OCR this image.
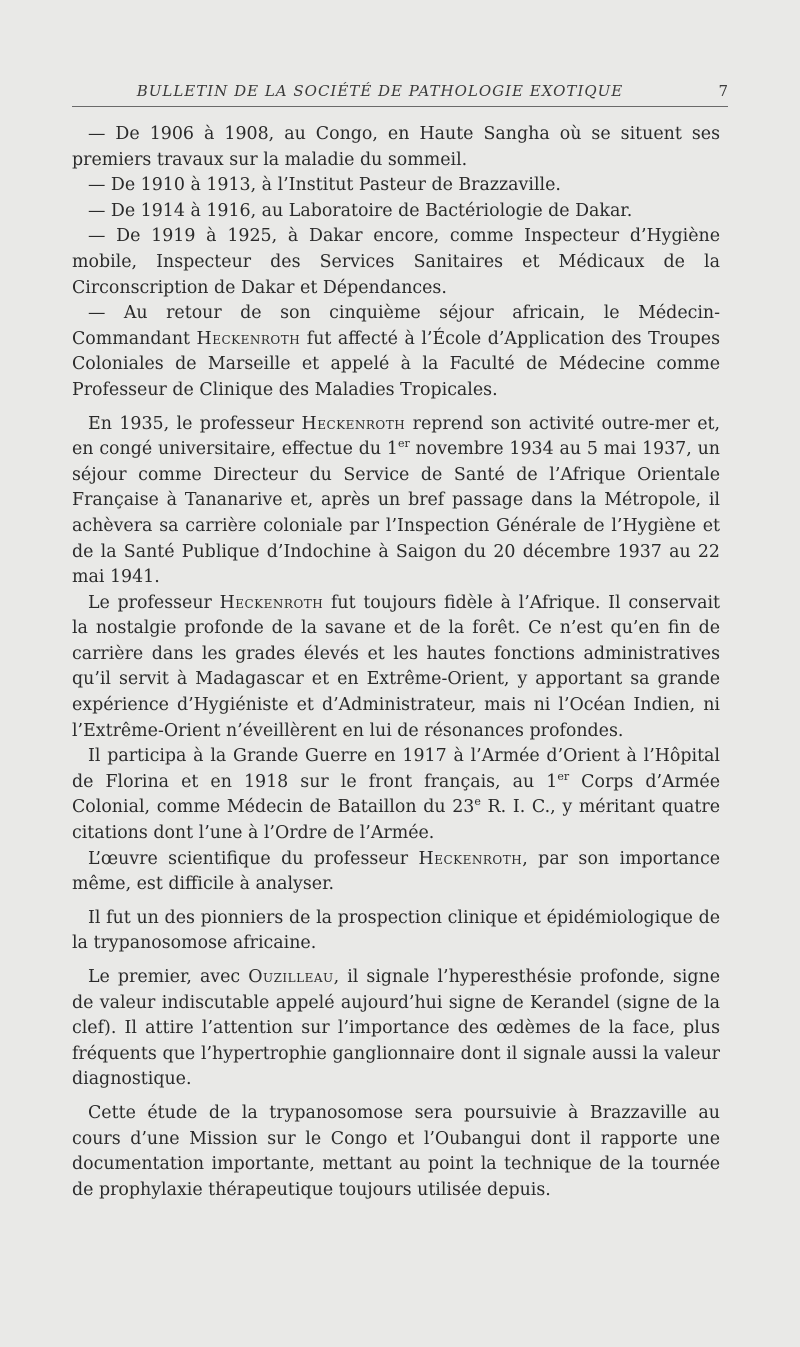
BULLETIN DE LA SOCIÉTÉ DE PATHOLOGIE EXOTIQUE	7

— De 1906 à 1908, au Congo, en Haute Sangha où se situent ses premiers travaux sur la maladie du sommeil.

— De 1910 à 1913, à l’Institut Pasteur de Brazzaville.

— De 1914 à 1916, au Laboratoire de Bactériologie de Dakar.

— De 1919 à 1925, à Dakar encore, comme Inspecteur d’Hygiène mobile, Inspecteur des Services Sanitaires et Médicaux de la Circonscription de Dakar et Dépendances.

— Au retour de son cinquième séjour africain, le Médecin-Commandant Heckenroth fut affecté à l’École d’Application des Troupes Coloniales de Marseille et appelé à la Faculté de Médecine comme Professeur de Clinique des Maladies Tropicales.

En 1935, le professeur Heckenroth reprend son activité outre-mer et, en congé universitaire, effectue du 1er novembre 1934 au 5 mai 1937, un séjour comme Directeur du Service de Santé de l’Afrique Orientale Française à Tananarive et, après un bref passage dans la Métropole, il achèvera sa carrière coloniale par l’Inspection Générale de l’Hygiène et de la Santé Publique d’Indochine à Saigon du 20 décembre 1937 au 22 mai 1941.

Le professeur Heckenroth fut toujours fidèle à l’Afrique. Il conservait la nostalgie profonde de la savane et de la forêt. Ce n’est qu’en fin de carrière dans les grades élevés et les hautes fonctions administratives qu’il servit à Madagascar et en Extrême-Orient, y apportant sa grande expérience d’Hygiéniste et d’Administrateur, mais ni l’Océan Indien, ni l’Extrême-Orient n’éveillèrent en lui de résonances profondes.

Il participa à la Grande Guerre en 1917 à l’Armée d’Orient à l’Hôpital de Florina et en 1918 sur le front français, au 1er Corps d’Armée Colonial, comme Médecin de Bataillon du 23e R. I. C., y méritant quatre citations dont l’une à l’Ordre de l’Armée.

L’œuvre scientifique du professeur Heckenroth, par son importance même, est difficile à analyser.

Il fut un des pionniers de la prospection clinique et épidémiologique de la trypanosomose africaine.

Le premier, avec Ouzilleau, il signale l’hyperesthésie profonde, signe de valeur indiscutable appelé aujourd’hui signe de Kerandel (signe de la clef). Il attire l’attention sur l’importance des œdèmes de la face, plus fréquents que l’hypertrophie ganglionnaire dont il signale aussi la valeur diagnostique.

Cette étude de la trypanosomose sera poursuivie à Brazzaville au cours d’une Mission sur le Congo et l’Oubangui dont il rapporte une documentation importante, mettant au point la technique de la tournée de prophylaxie thérapeutique toujours utilisée depuis.
